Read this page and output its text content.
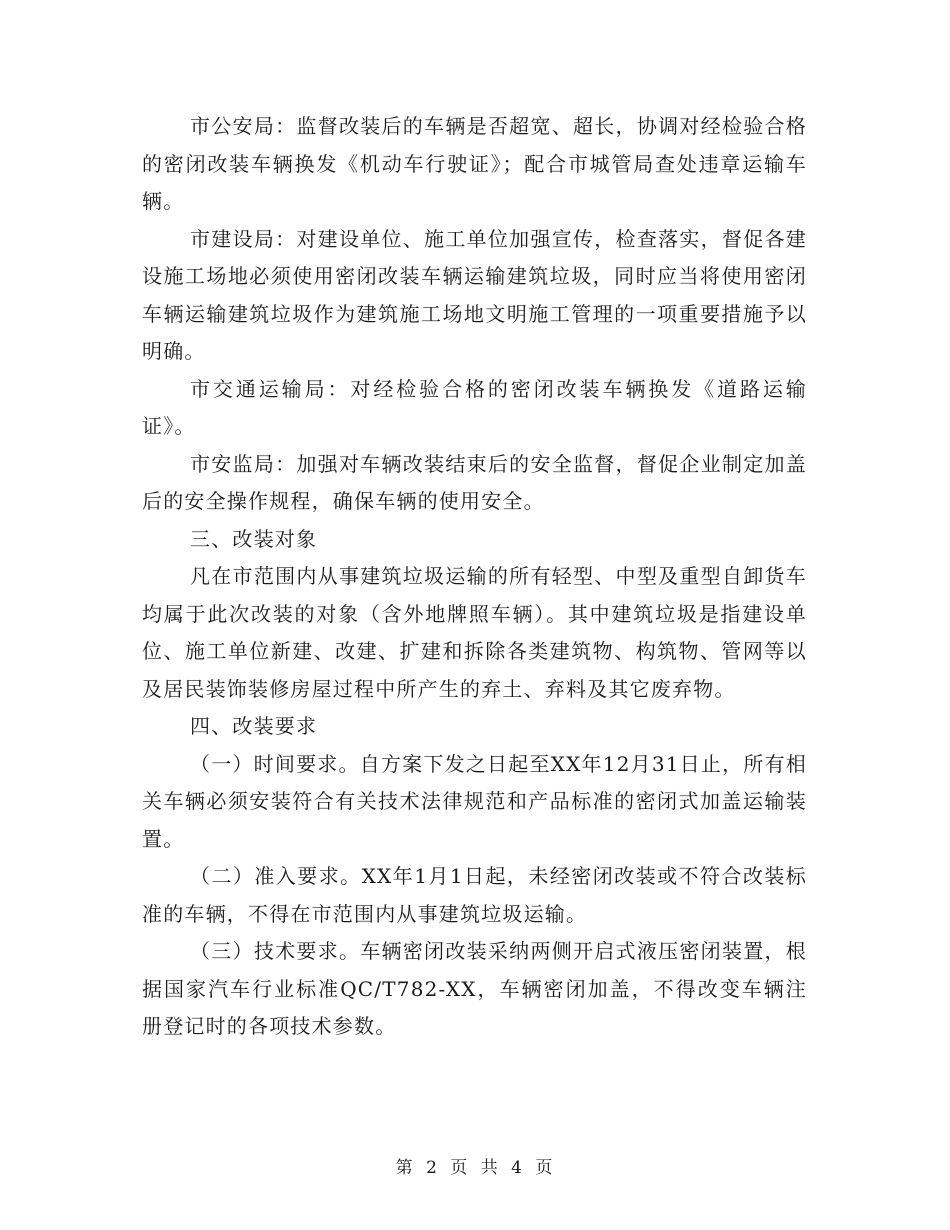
市公安局：监督改装后的车辆是否超宽、超长，协调对经检验合格的密闭改装车辆换发《机动车行驶证》；配合市城管局查处违章运输车辆。

市建设局：对建设单位、施工单位加强宣传，检查落实，督促各建设施工场地必须使用密闭改装车辆运输建筑垃圾，同时应当将使用密闭车辆运输建筑垃圾作为建筑施工场地文明施工管理的一项重要措施予以明确。

市交通运输局：对经检验合格的密闭改装车辆换发《道路运输证》。

市安监局：加强对车辆改装结束后的安全监督，督促企业制定加盖后的安全操作规程，确保车辆的使用安全。

三、改装对象

凡在市范围内从事建筑垃圾运输的所有轻型、中型及重型自卸货车均属于此次改装的对象（含外地牌照车辆）。其中建筑垃圾是指建设单位、施工单位新建、改建、扩建和拆除各类建筑物、构筑物、管网等以及居民装饰装修房屋过程中所产生的弃土、弃料及其它废弃物。

四、改装要求

（一）时间要求。自方案下发之日起至XX年12月31日止，所有相关车辆必须安装符合有关技术法律规范和产品标准的密闭式加盖运输装置。

（二）准入要求。XX年1月1日起，未经密闭改装或不符合改装标准的车辆，不得在市范围内从事建筑垃圾运输。

（三）技术要求。车辆密闭改装采纳两侧开启式液压密闭装置，根据国家汽车行业标准QC/T782-XX，车辆密闭加盖，不得改变车辆注册登记时的各项技术参数。

第 2 页 共 4 页
